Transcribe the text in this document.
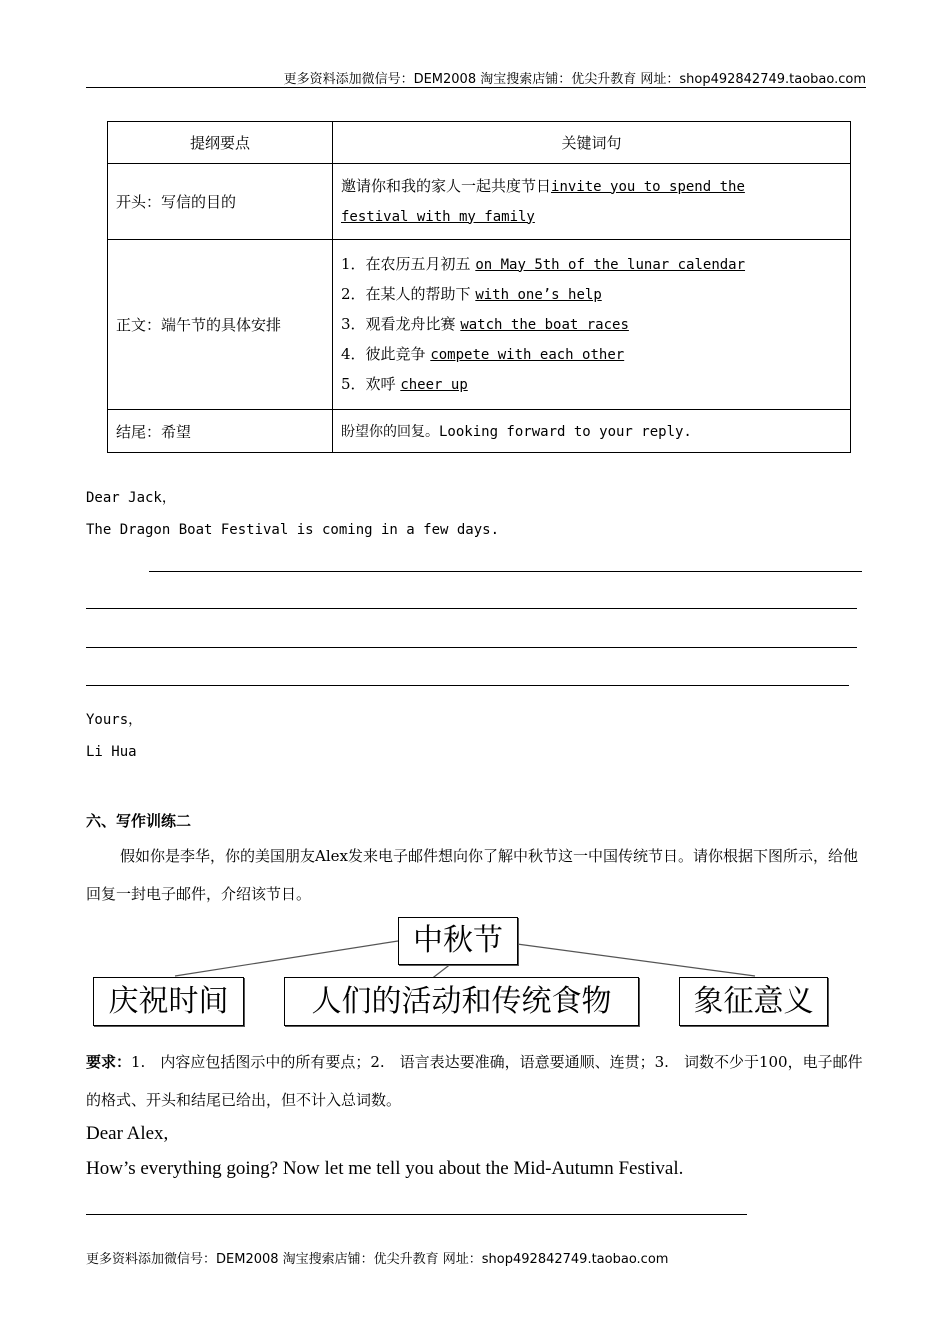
更多资料添加微信号：DEM2008 淘宝搜索店铺：优尖升教育 网址：shop492842749.taobao.com
提纲要点	关键词句
开头：写信的目的	邀请你和我的家人一起共度节日invite you to spend the
festival with my family
正文：端午节的具体安排	1．在农历五月初五 on May 5th of the lunar calendar
2．在某人的帮助下 with one’s help
3．观看龙舟比赛 watch the boat races
4．彼此竞争 compete with each other
5．欢呼 cheer up

结尾：希望	盼望你的回复。Looking forward to your reply.
Dear Jack，
The Dragon Boat Festival is coming in a few days.
Yours，
Li Hua
六、写作训练二
假如你是李华，你的美国朋友Alex发来电子邮件想向你了解中秋节这一中国传统节日。请你根据下图所示，给他回复一封电子邮件，介绍该节日。
中秋节
庆祝时间	人们的活动和传统食物	象征意义
要求：1.　内容应包括图示中的所有要点；2.　语言表达要准确，语意要通顺、连贯；3.　词数不少于100，电子邮件的格式、开头和结尾已给出，但不计入总词数。
Dear Alex,
How’s everything going? Now let me tell you about the Mid-Autumn Festival.
更多资料添加微信号：DEM2008 淘宝搜索店铺：优尖升教育 网址：shop492842749.taobao.com
